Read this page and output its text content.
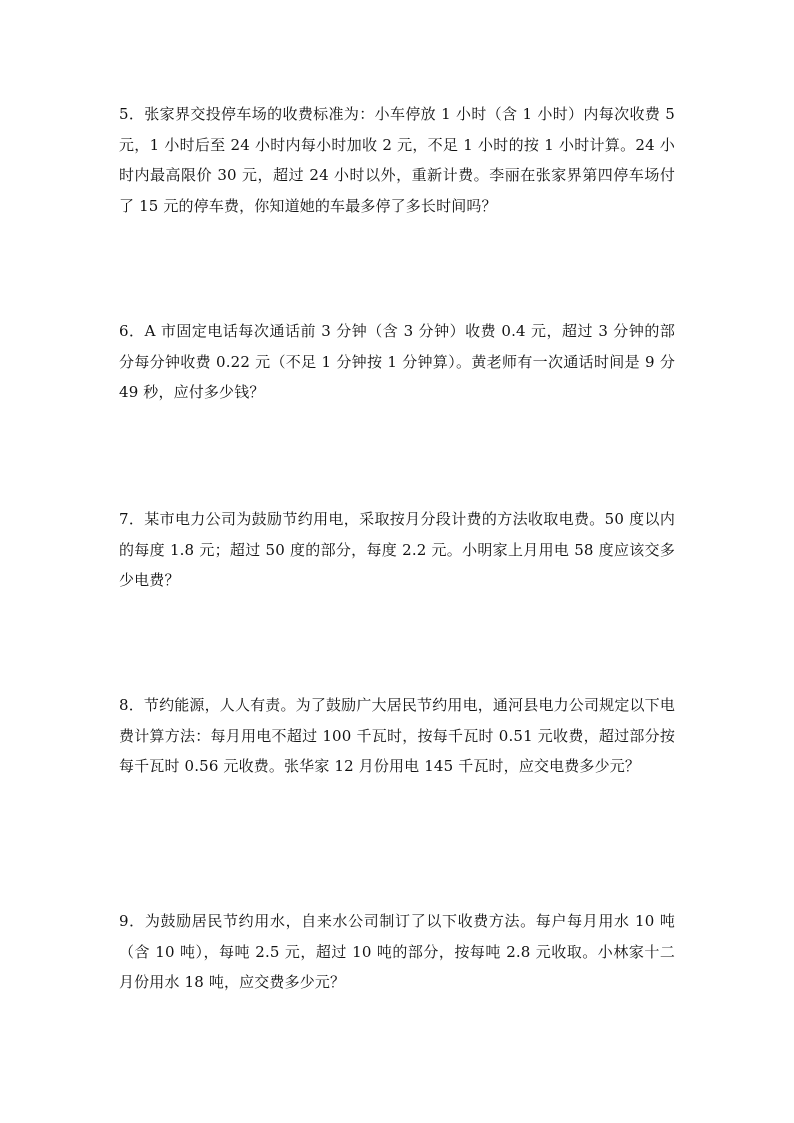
5．张家界交投停车场的收费标准为：小车停放 1 小时（含 1 小时）内每次收费 5 元，1 小时后至 24 小时内每小时加收 2 元，不足 1 小时的按 1 小时计算。24 小时内最高限价 30 元，超过 24 小时以外，重新计费。李丽在张家界第四停车场付了 15 元的停车费，你知道她的车最多停了多长时间吗？

6．A 市固定电话每次通话前 3 分钟（含 3 分钟）收费 0.4 元，超过 3 分钟的部分每分钟收费 0.22 元（不足 1 分钟按 1 分钟算）。黄老师有一次通话时间是 9 分 49 秒，应付多少钱？

7．某市电力公司为鼓励节约用电，采取按月分段计费的方法收取电费。50 度以内的每度 1.8 元；超过 50 度的部分，每度 2.2 元。小明家上月用电 58 度应该交多少电费？

8．节约能源，人人有责。为了鼓励广大居民节约用电，通河县电力公司规定以下电费计算方法：每月用电不超过 100 千瓦时，按每千瓦时 0.51 元收费，超过部分按每千瓦时 0.56 元收费。张华家 12 月份用电 145 千瓦时，应交电费多少元？

9．为鼓励居民节约用水，自来水公司制订了以下收费方法。每户每月用水 10 吨（含 10 吨），每吨 2.5 元，超过 10 吨的部分，按每吨 2.8 元收取。小林家十二月份用水 18 吨，应交费多少元？
